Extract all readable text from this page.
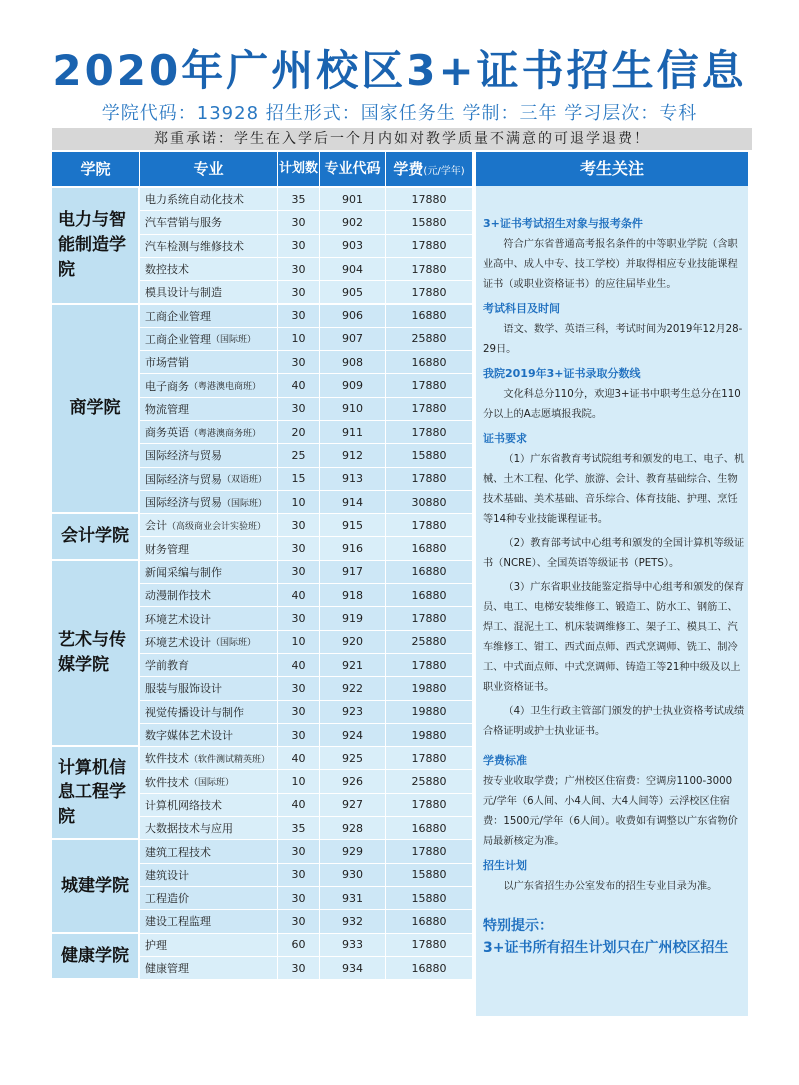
2020年广州校区3+证书招生信息
学院代码：13928 招生形式：国家任务生 学制：三年 学习层次：专科
郑重承诺：学生在入学后一个月内如对教学质量不满意的可退学退费！
学院	专业	计划数 专业代码 学费(元/学年)
电力与智能制造学院
电力系统自动化技术	35	901	17880
汽车营销与服务	30	902	15880
汽车检测与维修技术	30	903	17880
数控技术	30	904	17880
模具设计与制造	30	905	17880
商学院
工商企业管理	30	906	16880
工商企业管理 （国际班）	10	907	25880
市场营销	30	908	16880
电子商务 （粤港澳电商班）	40	909	17880
物流管理	30	910	17880
商务英语 （粤港澳商务班）	20	911	17880
国际经济与贸易	25	912	15880
国际经济与贸易 （双语班）	15	913	17880
国际经济与贸易 （国际班）	10	914	30880
会计学院
会计 （高级商业会计实验班）	30	915	17880
财务管理	30	916	16880
艺术与传媒学院
新闻采编与制作	30	917	16880
动漫制作技术	40	918	16880
环境艺术设计	30	919	17880
环境艺术设计 （国际班）	10	920	25880
学前教育	40	921	17880
服装与服饰设计	30	922	19880
视觉传播设计与制作	30	923	19880
数字媒体艺术设计	30	924	19880
计算机信息工程学院
软件技术 （软件测试精英班）	40	925	17880
软件技术 （国际班）	10	926	25880
计算机网络技术	40	927	17880
大数据技术与应用	35	928	16880
城建学院
建筑工程技术	30	929	17880
建筑设计	30	930	15880
工程造价	30	931	15880
建设工程监理	30	932	16880
健康学院
护理	60	933	17880
健康管理	30	934	16880
考生关注
3+证书考试招生对象与报考条件
符合广东省普通高考报名条件的中等职业学院（含职业高中、成人中专、技工学校）并取得相应专业技能课程证书（或职业资格证书）的应往届毕业生。
考试科目及时间
语文、数学、英语三科，考试时间为2019年12月28-29日。
我院2019年3+证书录取分数线
文化科总分110分，欢迎3+证书中职考生总分在110分以上的A志愿填报我院。
证书要求
（1）广东省教育考试院组考和颁发的电工、电子、机械、土木工程、化学、旅游、会计、教育基础综合、生物技术基础、美术基础、音乐综合、体育技能、护理、烹饪等14种专业技能课程证书。
（2）教育部考试中心组考和颁发的全国计算机等级证书（NCRE）、全国英语等级证书（PETS）。
（3）广东省职业技能鉴定指导中心组考和颁发的保育员、电工、电梯安装维修工、锻造工、防水工、钢筋工、焊工、混泥土工、机床装调维修工、架子工、模具工、汽车维修工、钳工、西式面点师、西式烹调师、铣工、制冷工、中式面点师、中式烹调师、铸造工等21种中级及以上职业资格证书。
（4）卫生行政主管部门颁发的护士执业资格考试成绩合格证明或护士执业证书。
学费标准
按专业收取学费；广州校区住宿费：空调房1100-3000元/学年（6人间、小4人间、大4人间等）云浮校区住宿费：1500元/学年（6人间）。收费如有调整以广东省物价局最新核定为准。
招生计划
以广东省招生办公室发布的招生专业目录为准。
特别提示：
3+证书所有招生计划只在广州校区招生
